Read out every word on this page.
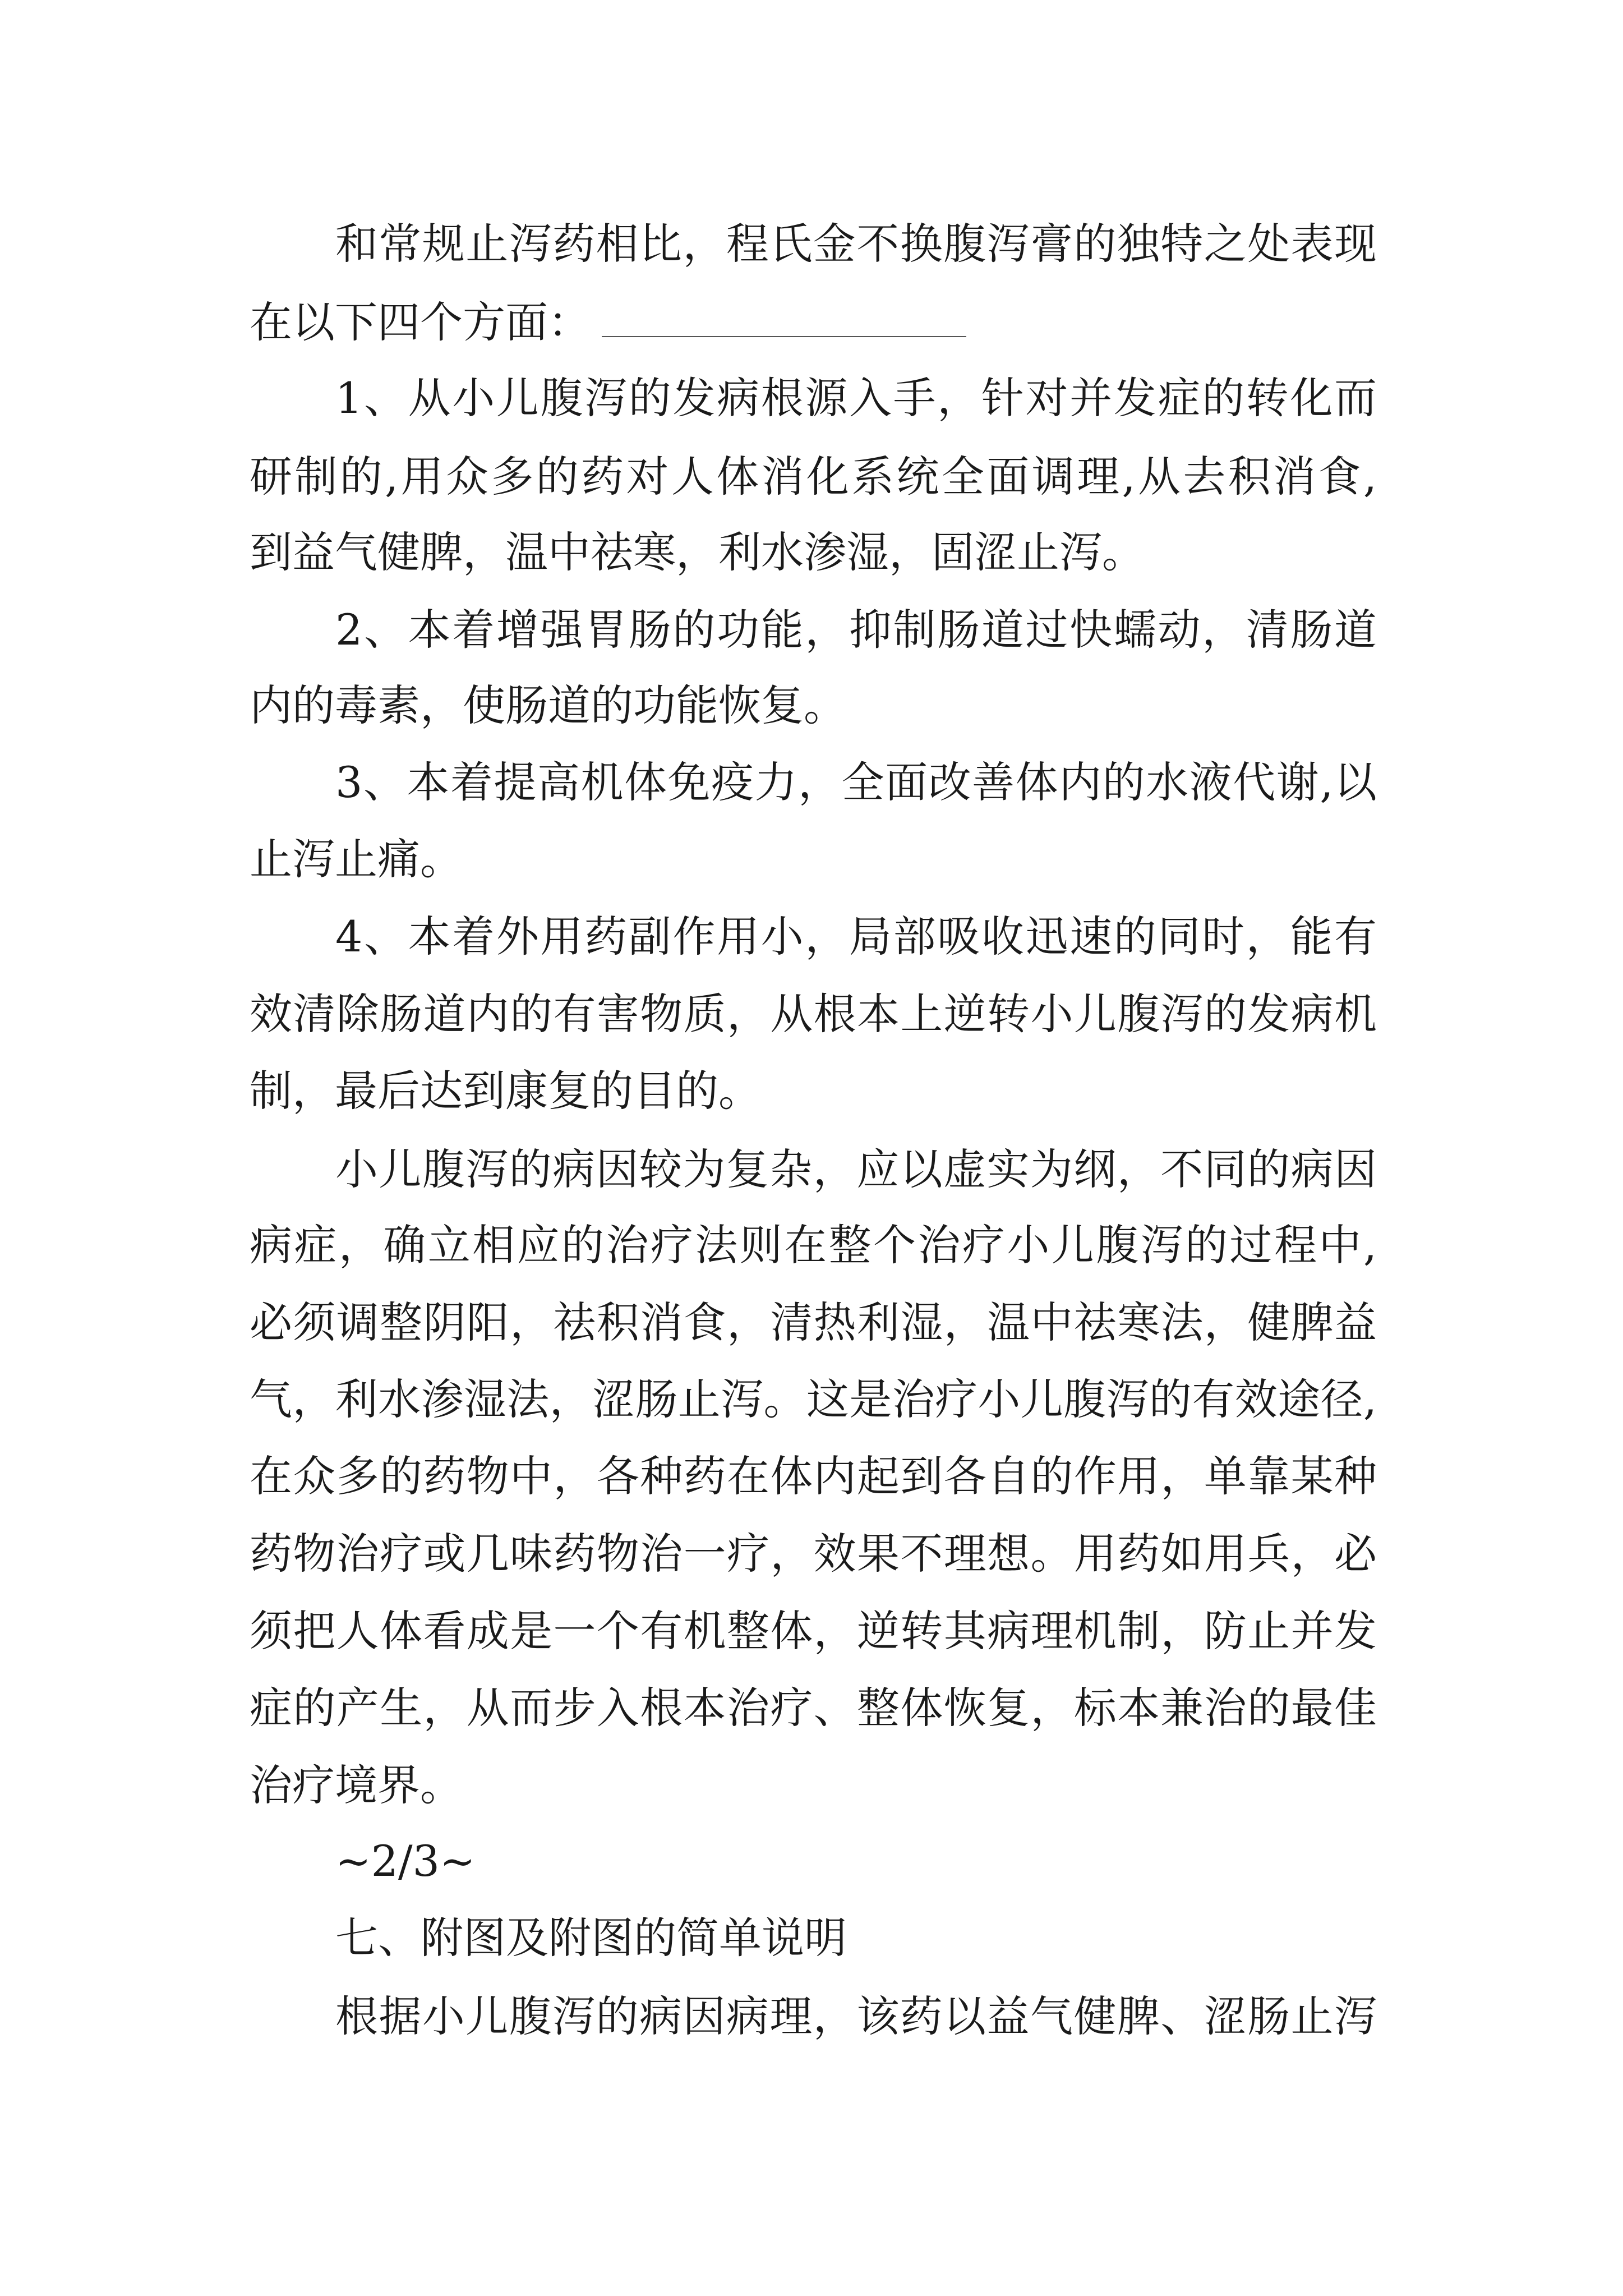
和常规止泻药相比，程氏金不换腹泻膏的独特之处表现
在以下四个方面：
1、从小儿腹泻的发病根源入手，针对并发症的转化而
研制的,用众多的药对人体消化系统全面调理,从去积消食,
到益气健脾，温中祛寒，利水渗湿，固涩止泻。
2、本着增强胃肠的功能，抑制肠道过快蠕动，清肠道
内的毒素，使肠道的功能恢复。
3、本着提高机体免疫力，全面改善体内的水液代谢,以
止泻止痛。
4、本着外用药副作用小，局部吸收迅速的同时，能有
效清除肠道内的有害物质，从根本上逆转小儿腹泻的发病机
制，最后达到康复的目的。
小儿腹泻的病因较为复杂，应以虚实为纲，不同的病因
病症，确立相应的治疗法则在整个治疗小儿腹泻的过程中,
必须调整阴阳，祛积消食，清热利湿，温中祛寒法，健脾益
气，利水渗湿法，涩肠止泻。这是治疗小儿腹泻的有效途径,
在众多的药物中，各种药在体内起到各自的作用，单靠某种
药物治疗或几味药物治一疗，效果不理想。用药如用兵，必
须把人体看成是一个有机整体，逆转其病理机制，防止并发
症的产生，从而步入根本治疗、整体恢复，标本兼治的最佳
治疗境界。
~2/3~
七、附图及附图的简单说明
根据小儿腹泻的病因病理，该药以益气健脾、涩肠止泻
